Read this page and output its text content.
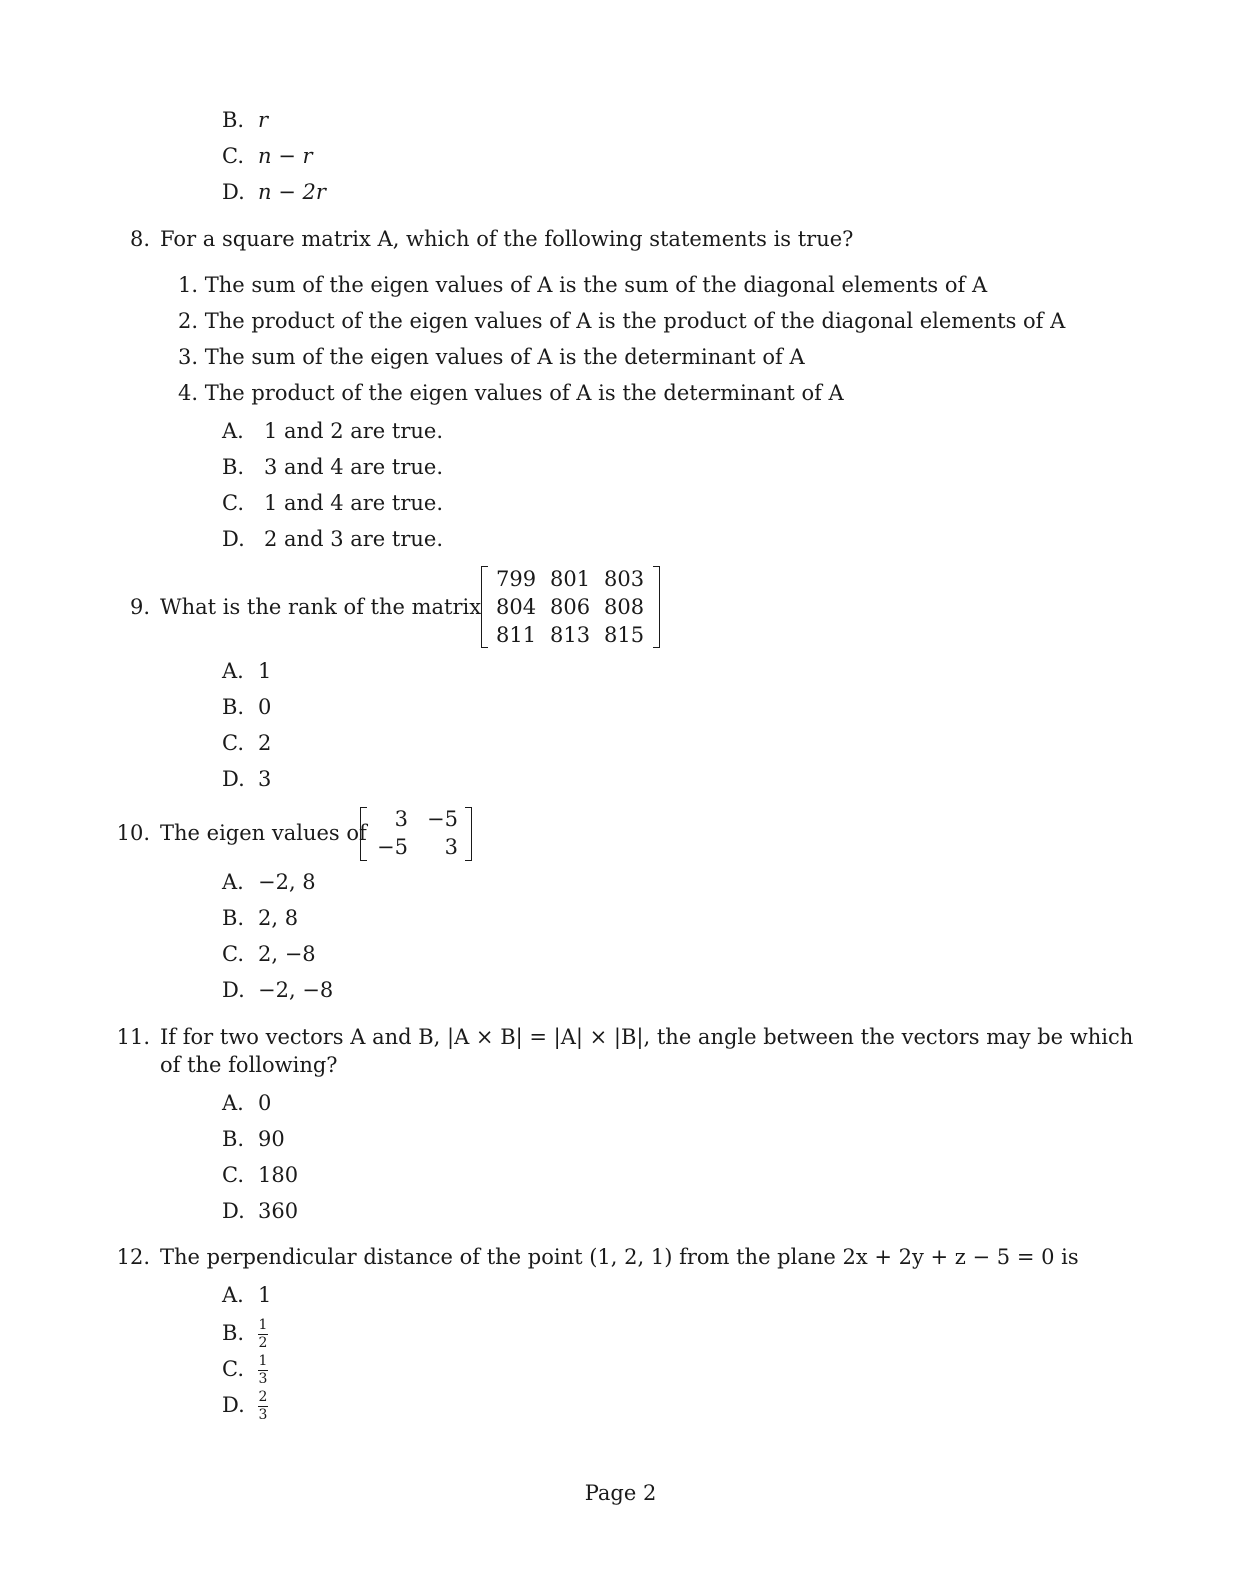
B. r
C. n − r
D. n − 2r
8. For a square matrix A, which of the following statements is true?
1. The sum of the eigen values of A is the sum of the diagonal elements of A
2. The product of the eigen values of A is the product of the diagonal elements of A
3. The sum of the eigen values of A is the determinant of A
4. The product of the eigen values of A is the determinant of A
A. 1 and 2 are true.
B. 3 and 4 are true.
C. 1 and 4 are true.
D. 2 and 3 are true.
9. What is the rank of the matrix
799 801 803
804 806 808
811 813 815
A. 1
B. 0
C. 2
D. 3
10. The eigen values of
3 −5
−5	3
A. −2, 8
B. 2, 8
C. 2, −8
D. −2, −8
11. If for two vectors A and B, |A × B| = |A| × |B|, the angle between the vectors may be which
of the following?
A. 0
B. 90
C. 180
D. 360
12. The perpendicular distance of the point (1, 2, 1) from the plane 2x + 2y + z − 5 = 0 is
A. 1
B. $\frac{1}{2}$
C. $\frac{1}{3}$
D. $\frac{2}{3}$
Page 2
